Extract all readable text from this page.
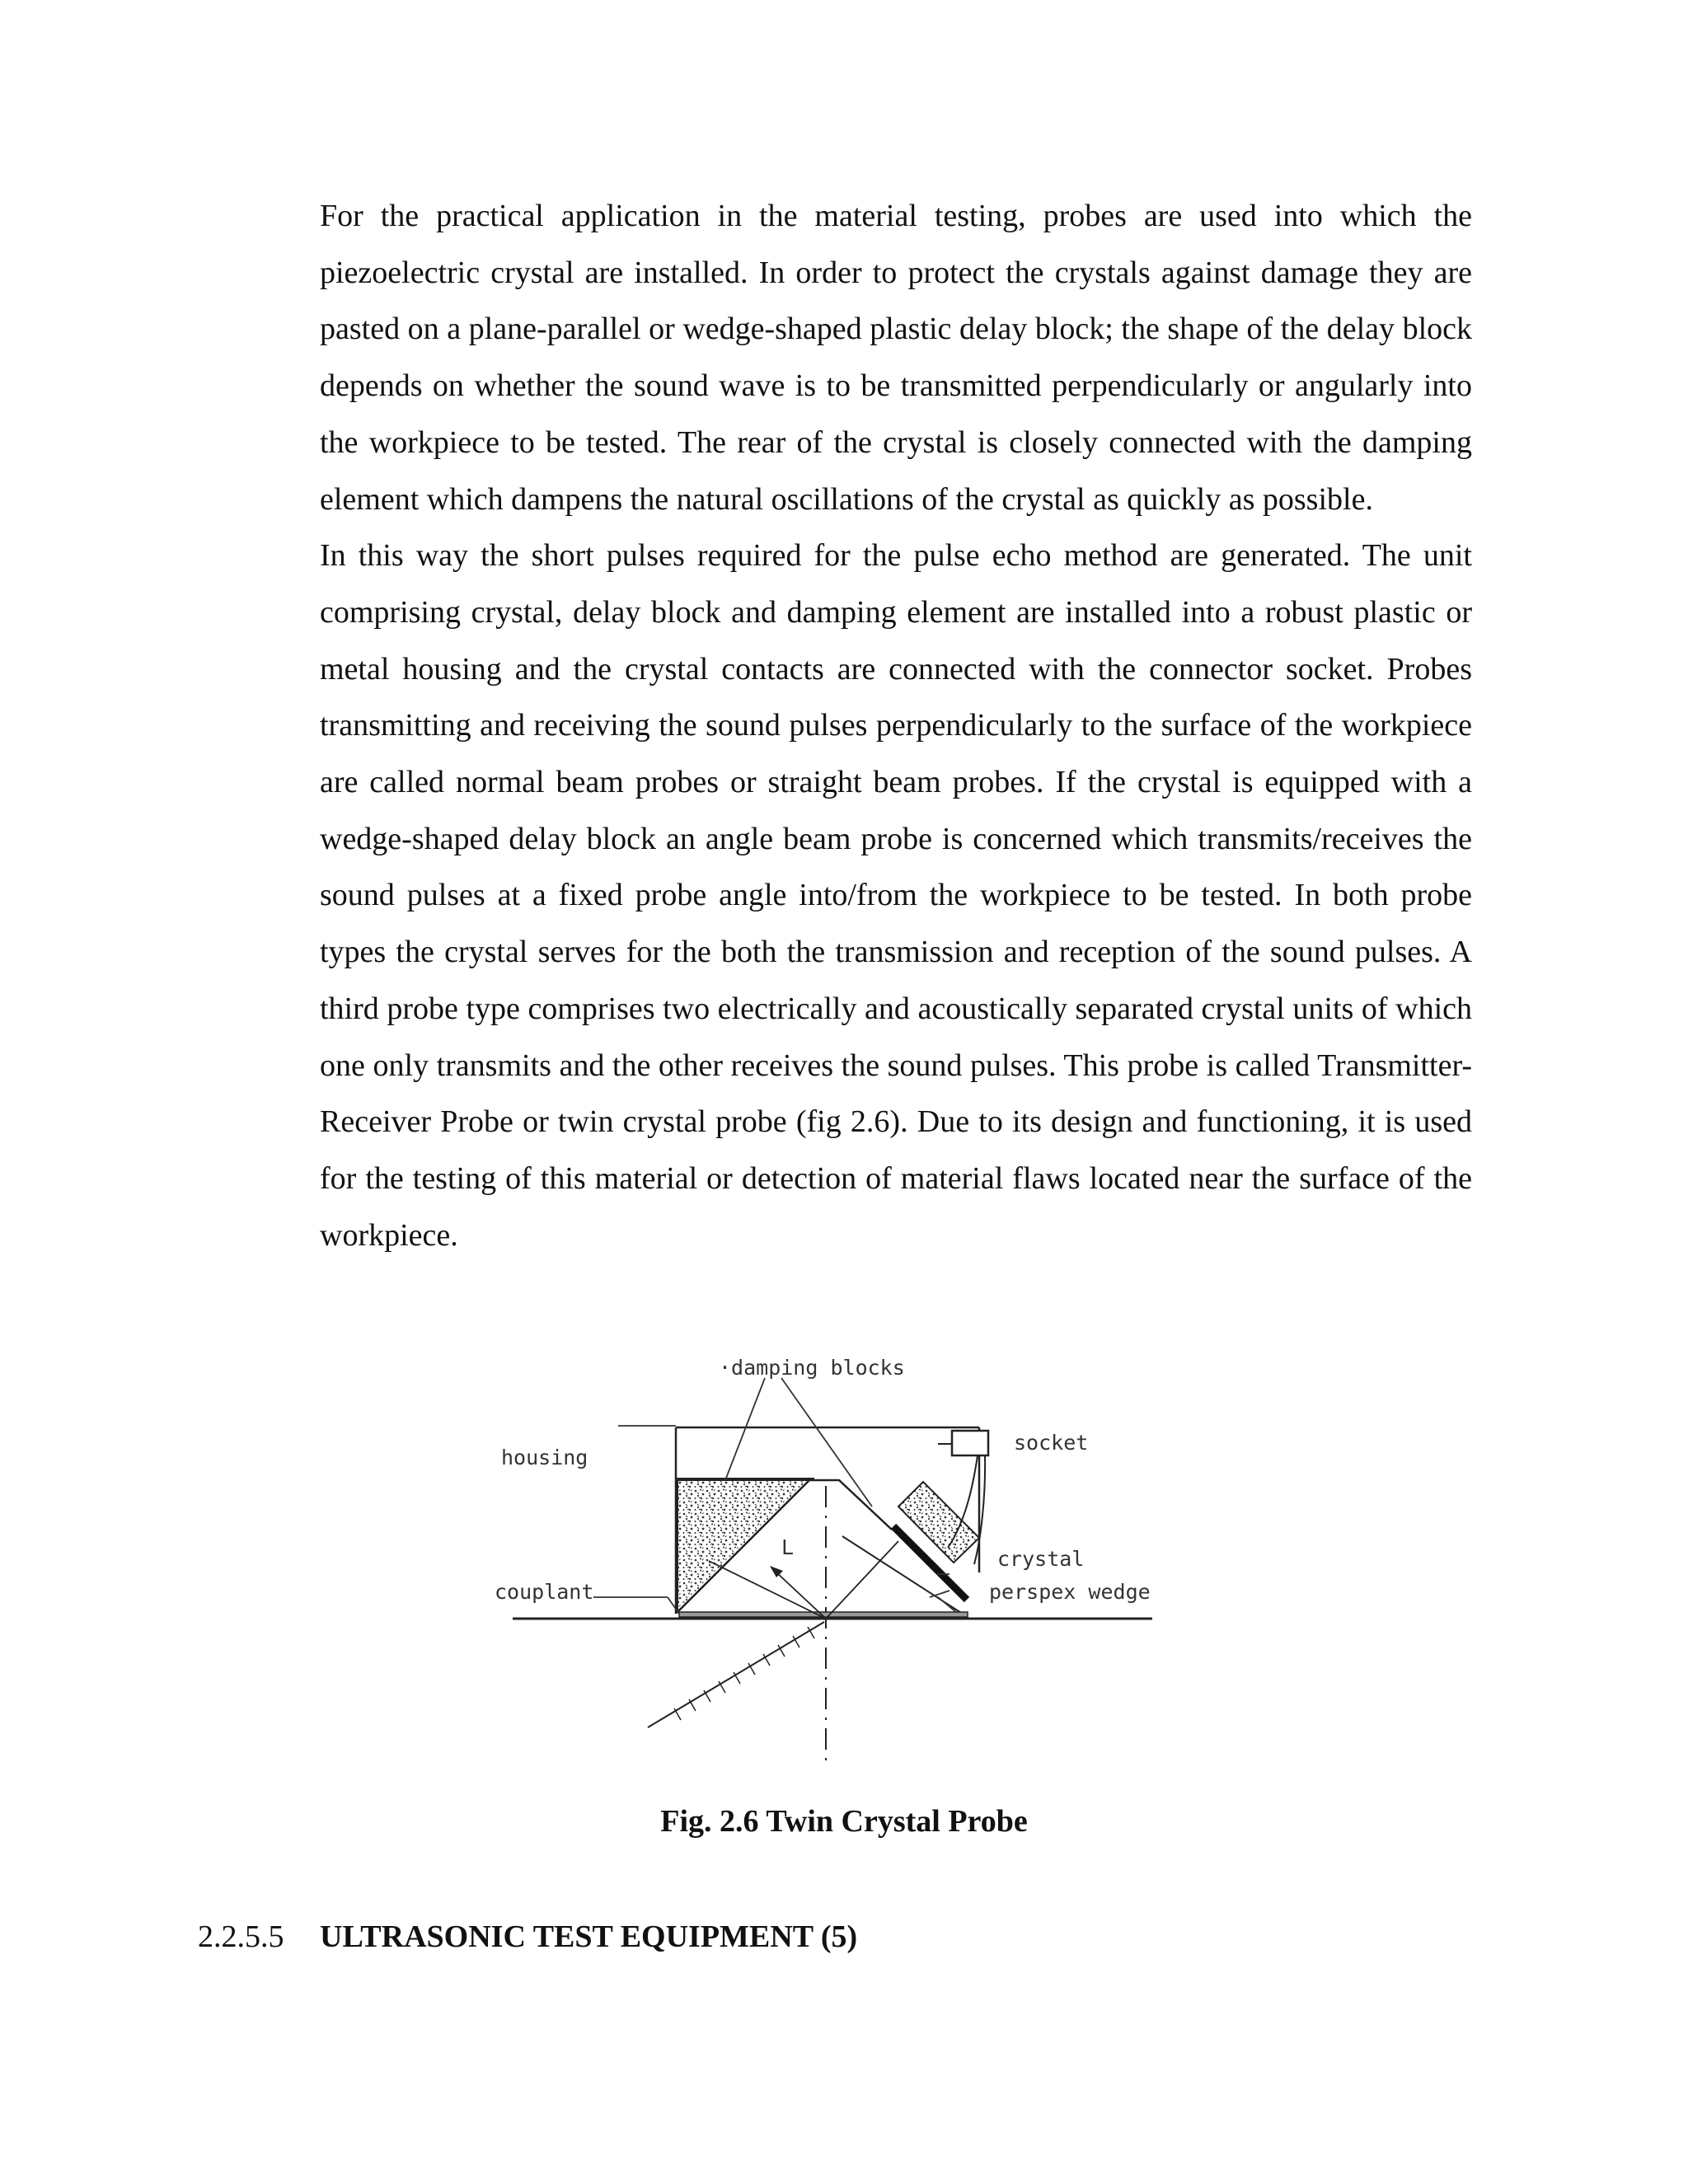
For the practical application in the material testing, probes are used into which the piezoelectric crystal are installed. In order to protect the crystals against damage they are pasted on a plane-parallel or wedge-shaped plastic delay block; the shape of the delay block depends on whether the sound wave is to be transmitted perpendicularly or angularly into the workpiece to be tested. The rear of the crystal is closely connected with the damping element which dampens the natural oscillations of the crystal as quickly as possible.

In this way the short pulses required for the pulse echo method are generated. The unit comprising crystal, delay block and damping element are installed into a robust plastic or metal housing and the crystal contacts are connected with the connector socket. Probes transmitting and receiving the sound pulses perpendicularly to the surface of the workpiece are called normal beam probes or straight beam probes. If the crystal is equipped with a wedge-shaped delay block an angle beam probe is concerned which transmits/receives the sound pulses at a fixed probe angle into/from the workpiece to be tested. In both probe types the crystal serves for the both the transmission and reception of the sound pulses. A third probe type comprises two electrically and acoustically separated crystal units of which one only transmits and the other receives the sound pulses. This probe is called Transmitter-Receiver Probe or twin crystal probe (fig 2.6). Due to its design and functioning, it is used for the testing of this material or detection of material flaws located near the surface of the workpiece.

·damping blocks
socket
housing
crystal
couplant	perspex wedge
L
Fig. 2.6 Twin Crystal Probe
2.2.5.5 ULTRASONIC TEST EQUIPMENT (5)
